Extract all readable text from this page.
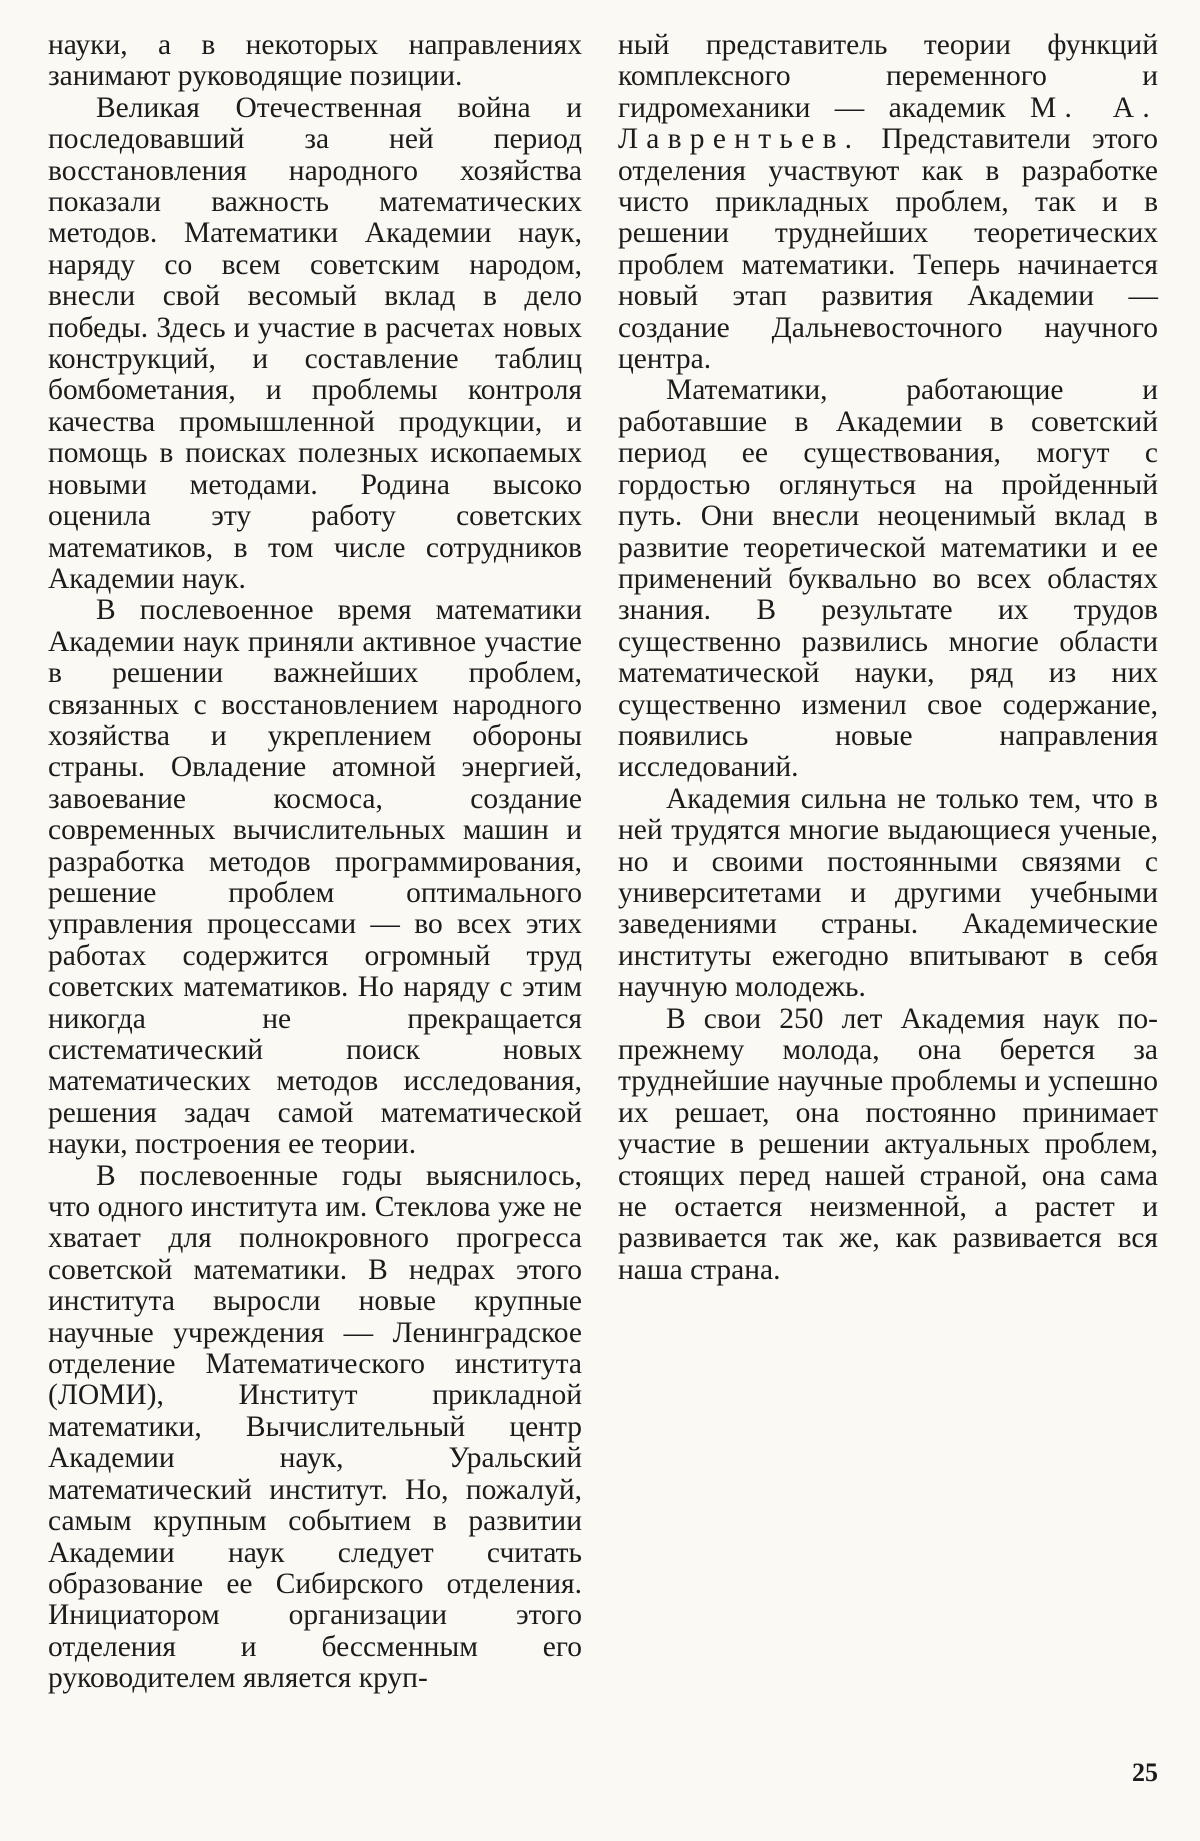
науки, а в некоторых направлениях занимают руководящие позиции.

Великая Отечественная война и последовавший за ней период восстановления народного хозяйства показали важность математических методов. Математики Академии наук, наряду со всем советским народом, внесли свой весомый вклад в дело победы. Здесь и участие в расчетах новых конструкций, и составление таблиц бомбометания, и проблемы контроля качества промышленной продукции, и помощь в поисках полезных ископаемых новыми методами. Родина высоко оценила эту работу советских математиков, в том числе сотрудников Академии наук.

В послевоенное время математики Академии наук приняли активное участие в решении важнейших проблем, связанных с восстановлением народного хозяйства и укреплением обороны страны. Овладение атомной энергией, завоевание космоса, создание современных вычислительных машин и разработка методов программирования, решение проблем оптимального управления процессами — во всех этих работах содержится огромный труд советских математиков. Но наряду с этим никогда не прекращается систематический поиск новых математических методов исследования, решения задач самой математической науки, построения ее теории.

В послевоенные годы выяснилось, что одного института им. Стеклова уже не хватает для полнокровного прогресса советской математики. В недрах этого института выросли новые крупные научные учреждения — Ленинградское отделение Математического института (ЛОМИ), Институт прикладной математики, Вычислительный центр Академии наук, Уральский математический институт. Но, пожалуй, самым крупным событием в развитии Академии наук следует считать образование ее Сибирского отделения. Инициатором организации этого отделения и бессменным его руководителем является круп-

ный представитель теории функций комплексного переменного и гидромеханики — академик М. А. Лаврентьев. Представители этого отделения участвуют как в разработке чисто прикладных проблем, так и в решении труднейших теоретических проблем математики. Теперь начинается новый этап развития Академии — создание Дальневосточного научного центра.

Математики, работающие и работавшие в Академии в советский период ее существования, могут с гордостью оглянуться на пройденный путь. Они внесли неоценимый вклад в развитие теоретической математики и ее применений буквально во всех областях знания. В результате их трудов существенно развились многие области математической науки, ряд из них существенно изменил свое содержание, появились новые направления исследований.

Академия сильна не только тем, что в ней трудятся многие выдающиеся ученые, но и своими постоянными связями с университетами и другими учебными заведениями страны. Академические институты ежегодно впитывают в себя научную молодежь.

В свои 250 лет Академия наук по-прежнему молода, она берется за труднейшие научные проблемы и успешно их решает, она постоянно принимает участие в решении актуальных проблем, стоящих перед нашей страной, она сама не остается неизменной, а растет и развивается так же, как развивается вся наша страна.

25
